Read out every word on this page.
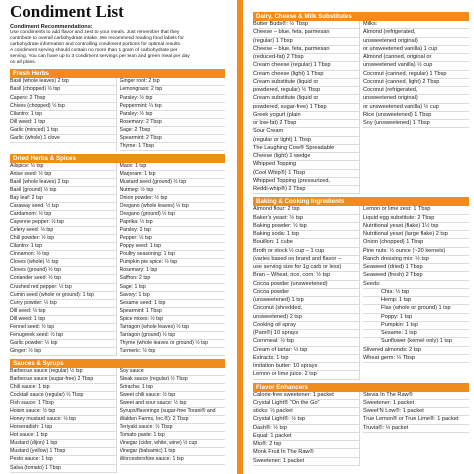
Condiment List
Condiment Recommendations:

Use condiments to add flavor and zest to your meals. Just remember that they

contribute to overall carbohydrate intake. We recommend reading food labels for

carbohydrate information and controlling condiment portions for optimal results.

A condiment serving should contain no more than 1 gram of carbohydrate per

serving. You can have up to 3 condiment servings per lean and green meal per day

on all plans.

Fresh Herbs
Basil (whole leaves) 2 tsp
Basil (chopped) ½ tsp
Capers: 2 Tbsp
Chives (chopped) ½ tsp
Cilantro: 1 tsp
Dill weed: 1 tsp
Garlic (minced) 1 tsp
Garlic (whole) 1 clove
Ginger root: 2 tsp
Lemongrass: 2 tsp
Parsley: ½ tsp
Peppermint: ¼ tsp
Parsley: ½ tsp
Rosemary: 2 Tbsp
Sage: 2 Tbsp
Spearmint: 2 Tbsp
Thyme: 1 Tbsp
Dried Herbs & Spices
Allspice: ½ tsp
Anise seed: ½ tsp
Basil (whole leaves) 2 tsp
Basil (ground) ½ tsp
Bay leaf: 2 tsp
Caraway seed: ½ tsp
Cardamom: ½ tsp
Cayenne pepper: ½ tsp
Celery seed: ½ tsp
Chili powder: ½ tsp
Cilantro: 1 tsp
Cinnamon: ½ tsp
Cloves (whole) ½ tsp
Cloves (ground) ½ tsp
Coriander seed: ½ tsp
Crushed red pepper: ½ tsp
Cumin seed (whole or ground): 1 tsp
Curry powder: ½ tsp
Dill seed: ½ tsp
Dill weed: 1 tsp
Fennel seed: ½ tsp
Fenugreek seed: ½ tsp
Garlic powder: ½ tsp
Ginger: ½ tsp
Mace: 1 tsp
Marjoram: 1 tsp
Mustard seed (ground) ½ tsp
Nutmeg: ½ tsp
Onion powder: ½ tsp
Oregano (whole leaves) ½ tsp
Oregano (ground) ½ tsp
Paprika: ½ tsp
Parsley: 2 tsp
Pepper: ½ tsp
Poppy seed: 1 tsp
Poultry seasoning: 1 tsp
Pumpkin pie spice: ½ tsp
Rosemary: 1 tsp
Saffron: 2 tsp
Sage: 1 tsp
Savory: 1 tsp
Sesame seed: 1 tsp
Spearmint: 1 Tbsp
Spice mixes: ½ tsp
Tarragon (whole leaves) ½ tsp
Tarragon (ground) ½ tsp
Thyme (whole leaves or ground) ½ tsp
Turmeric: ½ tsp
Sauces & Syrups
Barbecue sauce (regular) ½ tsp
Barbecue sauce (sugar-free) 2 Tbsp
Chili sauce: 1 tsp
Cocktail sauce (regular) ½ Tbsp
Fish sauce: 1 Tbsp
Hoisin sauce: ½ tsp
Honey mustard sauce: ½ tsp
Horseradish: 1 tsp
Hot sauce: 1 tsp
Mustard (dijon) 1 tsp
Mustard (yellow) 1 Tbsp
Pesto sauce: 1 tsp
Salsa (tomato) 1 Tbsp
Soy sauce
Steak sauce (regular) ½ Tbsp
Sriracha: 1 tsp
Sweet chili sauce: ½ tsp
Sweet and sour sauce: ½ tsp
Syrups/flavorings (sugar-free Torani® and
Walden Farms, Inc.®): 2 Tbsp
Teriyaki sauce: ½ Tbsp
Tomato paste: 1 tsp
Vinegar (cider, white, wine) ½ cup
Vinegar (balsamic) 1 tsp
Worcestershire sauce: 1 tsp
Dairy, Cheese & Milk Substitutes
Butter Buds®: ½ Tbsp
Cheese – blue, feta, parmesan
(regular) 1 Tbsp
Cheese – blue, feta, parmesan
(reduced-fat) 2 Tbsp
Cream cheese (regular) 1 Tbsp
Cream cheese (light) 1 Tbsp
Cream substitute (liquid or
powdered, regular) ½ Tbsp
Cream substitute (liquid or
powdered, sugar-free) 1 Tbsp
Greek yogurt (plain
or low-fat) 2 Tbsp
Sour Cream
(regular or light) 1 Tbsp
The Laughing Cow® Spreadable
Cheese (light) 1 wedge
Whipped Topping
(Cool Whip®) 1 Tbsp
Whipped Topping (pressurized,
Reddi-whip®) 2 Tbsp
Milks:
Almond (refrigerated,
unsweetened original)
or unsweetened vanilla) 1 cup
Almond (canned, original or
unsweetened vanilla) ½ cup
Coconut (canned, regular) 1 Tbsp
Coconut (canned, light) 2 Tbsp
Coconut (refrigerated,
unsweetened original)
or unsweetened vanilla) ½ cup
Rice (unsweetened) 1 Tbsp
Soy (unsweetened) 1 Tbsp
Baking & Cooking Ingredients
Almond flour: 2 tsp
Baker's yeast: ½ tsp
Baking powder: ½ tsp
Baking soda: 1 tsp
Bouillon: 1 cube
Broth or stock ½ cup – 1 cup
(varies based on brand and flavor –
use serving size for 1g carb or less)
Bran – Wheat, rice, corn: ½ tsp
Cocoa powder (unsweetened)
Cocoa powder
(unsweetened) 1 tsp
Coconut (shredded,
unsweetened) 2 tsp
Cooking oil spray
(Pam®) 10 sprays
Cornmeal: ½ tsp
Cream of tartar: ½ tsp
Extracts: 1 tsp
Imitation butter: 10 sprays
Lemon or lime juice: 2 tsp
Lemon or lime zest: 1 Tbsp
Liquid egg substitute: 2 Tbsp
Nutritional yeast (flake) 1½ tsp
Nutritional yeast (large flake) 2 tsp
Onion (chopped) 1 Tbsp
Pine nuts: ½ ounce (~20 kernels)
Ranch dressing mix: ½ tsp
Seaweed (dried) 1 Tbsp
Seaweed (fresh) 2 Tbsp
Seeds:
Chia: ½ tsp
Hemp: 1 tsp
Flax (whole or ground) 1 tsp
Poppy: 1 tsp
Pumpkin: 1 tsp
Sesame: 1 tsp
Sunflower (kernel only) 1 tsp
Slivered almonds: 2 tsp
Wheat germ: ½ Tbsp
Flavor Enhancers
Calorie-free sweetener: 1 packet
Crystal Light® "On the Go"
sticks: ½ packet
Crystal Light®: ½ tsp
Dash®: ½ tsp
Equal: 1 packet
Mio®: 2 tsp
Monk Fruit In The Raw®
Sweetener: 1 packet
Stevia In The Raw®
Sweetener: 1 packet
Sweet'N Low®: 1 packet
True Lemon® or True Lime®: 1 packet
Truvia®: ½ packet
